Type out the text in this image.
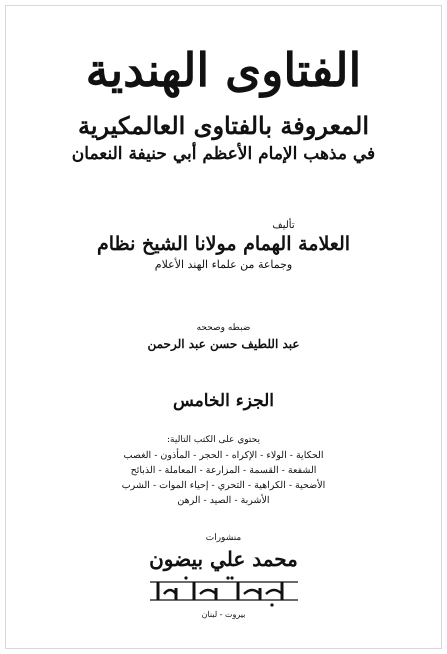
الفتاوى الهندية

المعروفة بالفتاوى العالمكيرية

في مذهب الإمام الأعظم أبي حنيفة النعمان

تأليف

العلامة الهمام مولانا الشيخ نظام

وجماعة من علماء الهند الأعلام

ضبطه وصححه

عبد اللطيف حسن عبد الرحمن

الجزء الخامس

يحتوي على الكتب التالية:

الحكاية - الولاء - الإكراه - الحجر - المأذون - الغصب
الشفعة - القسمة - المزارعة - المعاملة - الذبائح
الأضحية - الكراهية - التحري - إحياء الموات - الشرب
الأشربة - الصيد - الرهن

منشورات

محمد علي بيضون

بيروت - لبنان
